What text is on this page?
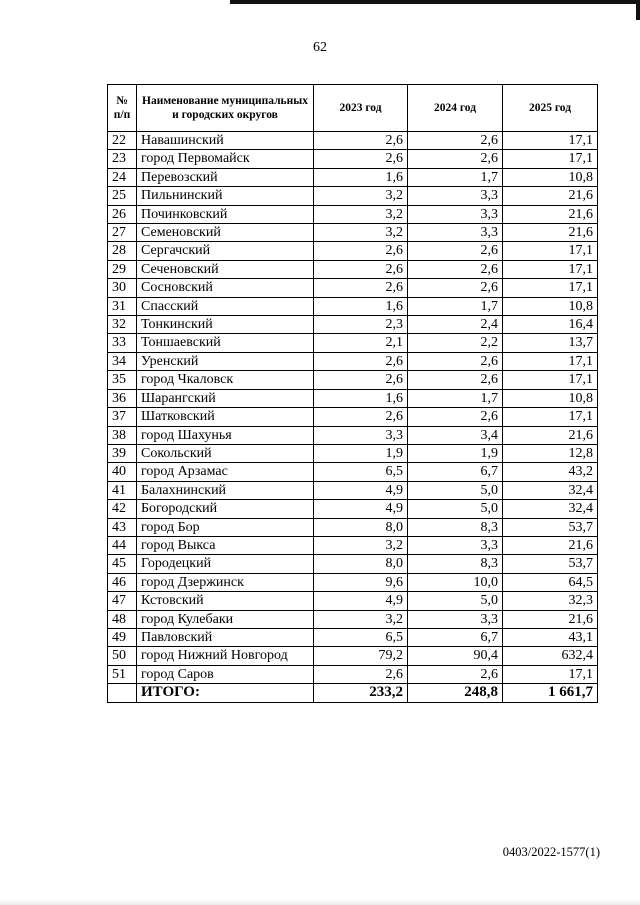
62
№ п/п	Наименование муниципальных и городских округов	2023 год	2024 год	2025 год
22	Навашинский	2,6	2,6	17,1
23	город Первомайск	2,6	2,6	17,1
24	Перевозский	1,6	1,7	10,8
25	Пильнинский	3,2	3,3	21,6
26	Починковский	3,2	3,3	21,6
27	Семеновский	3,2	3,3	21,6
28	Сергачский	2,6	2,6	17,1
29	Сеченовский	2,6	2,6	17,1
30	Сосновский	2,6	2,6	17,1
31	Спасский	1,6	1,7	10,8
32	Тонкинский	2,3	2,4	16,4
33	Тоншаевский	2,1	2,2	13,7
34	Уренский	2,6	2,6	17,1
35	город Чкаловск	2,6	2,6	17,1
36	Шарангский	1,6	1,7	10,8
37	Шатковский	2,6	2,6	17,1
38	город Шахунья	3,3	3,4	21,6
39	Сокольский	1,9	1,9	12,8
40	город Арзамас	6,5	6,7	43,2
41	Балахнинский	4,9	5,0	32,4
42	Богородский	4,9	5,0	32,4
43	город Бор	8,0	8,3	53,7
44	город Выкса	3,2	3,3	21,6
45	Городецкий	8,0	8,3	53,7
46	город Дзержинск	9,6	10,0	64,5
47	Кстовский	4,9	5,0	32,3
48	город Кулебаки	3,2	3,3	21,6
49	Павловский	6,5	6,7	43,1
50	город Нижний Новгород	79,2	90,4	632,4
51	город Саров	2,6	2,6	17,1
	ИТОГО:	233,2	248,8	1 661,7
0403/2022-1577(1)
